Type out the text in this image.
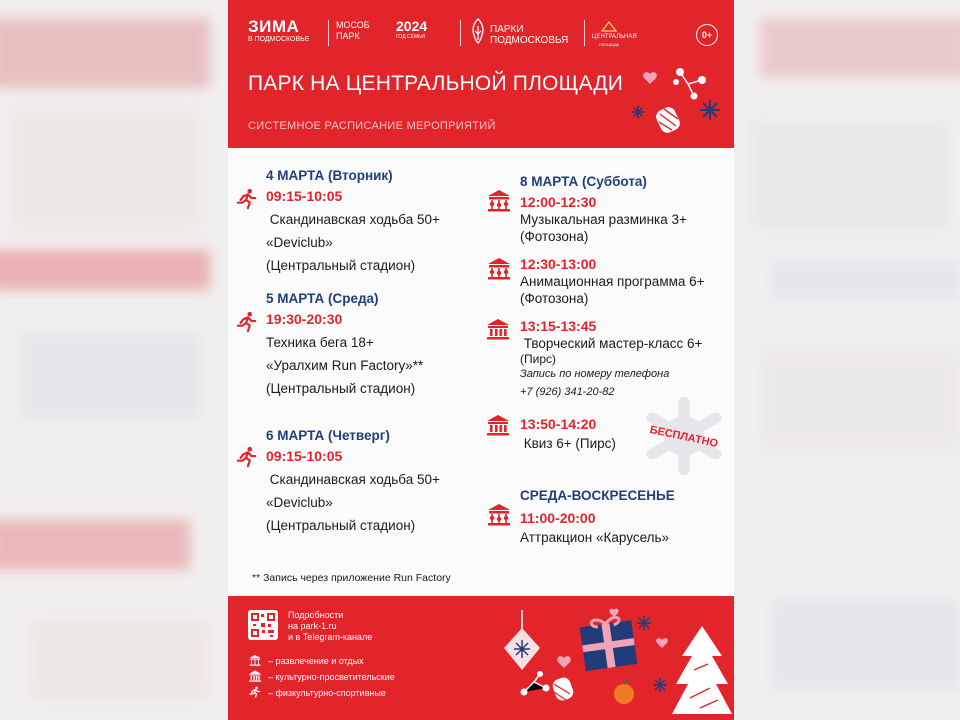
ЗИМА
В ПОДМОСКОВЬЕ
МОСОБ
ПАРК
2024
ГОД СЕМЬИ
ПАРКИ
ПОДМОСКОВЬЯ	ЦЕНТРАЛЬНАЯ
ПЛОЩАДЬ
0+
ПАРК НА ЦЕНТРАЛЬНОЙ ПЛОЩАДИ
СИСТЕМНОЕ РАСПИСАНИЕ МЕРОПРИЯТИЙ
4 МАРТА (Вторник)
09:15-10:05
Скандинавская ходьба 50+
«Deviclub»
(Центральный стадион)
5 МАРТА (Среда)
19:30-20:30
Техника бега 18+
«Уралхим Run Factory»**
(Центральный стадион)
6 МАРТА (Четверг)
09:15-10:05
Скандинавская ходьба 50+
«Deviclub»
(Центральный стадион)
8 МАРТА (Суббота)
12:00-12:30
Музыкальная разминка 3+
(Фотозона)
12:30-13:00
Анимационная программа 6+
(Фотозона)
13:15-13:45
Творческий мастер-класс 6+
(Пирс)
Запись по номеру телефона
+7 (926) 341-20-82
13:50-14:20
Квиз 6+ (Пирс)	БЕСПЛАТНО
СРЕДА-ВОСКРЕСЕНЬЕ
11:00-20:00
Аттракцион «Карусель»
** Запись через приложение Run Factory
Подробности
на park-1.ru
и в Telegram-канале
– развлечение и отдых
– культурно-просветительские
– физкультурно-спортивные
